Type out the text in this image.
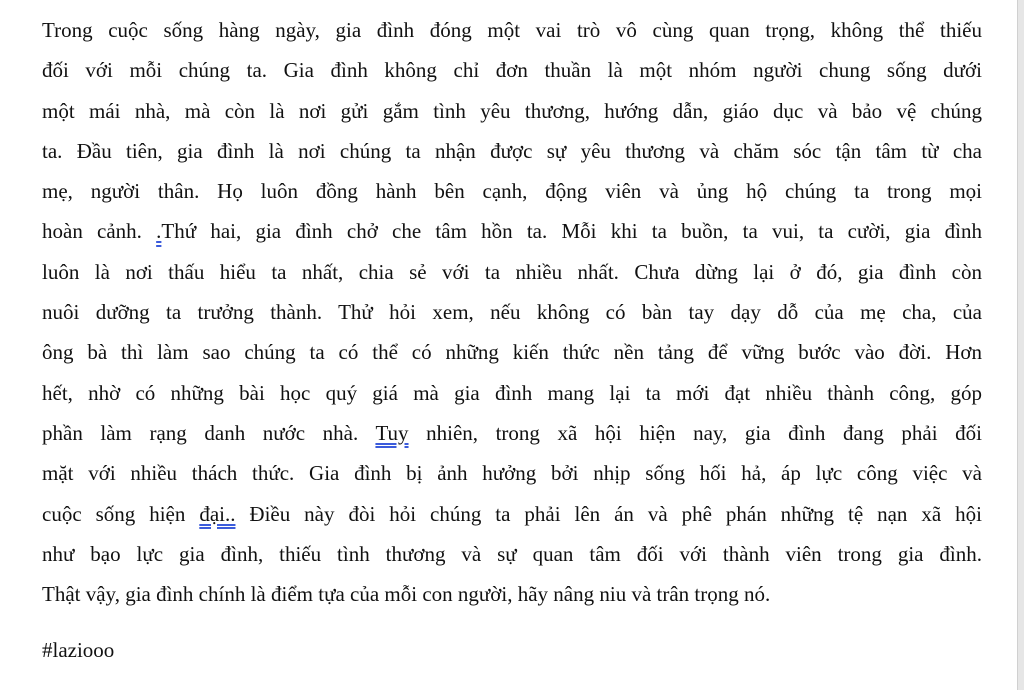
Trong cuộc sống hàng ngày, gia đình đóng một vai trò vô cùng quan trọng, không thể thiếu
đối với mỗi chúng ta. Gia đình không chỉ đơn thuần là một nhóm người chung sống dưới
một mái nhà, mà còn là nơi gửi gắm tình yêu thương, hướng dẫn, giáo dục và bảo vệ chúng
ta. Đầu tiên, gia đình là nơi chúng ta nhận được sự yêu thương và chăm sóc tận tâm từ cha
mẹ, người thân. Họ luôn đồng hành bên cạnh, động viên và ủng hộ chúng ta trong mọi
hoàn cảnh. .Thứ hai, gia đình chở che tâm hồn ta. Mỗi khi ta buồn, ta vui, ta cười, gia đình
luôn là nơi thấu hiểu ta nhất, chia sẻ với ta nhiều nhất. Chưa dừng lại ở đó, gia đình còn
nuôi dưỡng ta trưởng thành. Thử hỏi xem, nếu không có bàn tay dạy dỗ của mẹ cha, của
ông bà thì làm sao chúng ta có thể có những kiến thức nền tảng để vững bước vào đời. Hơn
hết, nhờ có những bài học quý giá mà gia đình mang lại ta mới đạt nhiều thành công, góp
phần làm rạng danh nước nhà. Tuy nhiên, trong xã hội hiện nay, gia đình đang phải đối
mặt với nhiều thách thức. Gia đình bị ảnh hưởng bởi nhịp sống hối hả, áp lực công việc và
cuộc sống hiện đại.. Điều này đòi hỏi chúng ta phải lên án và phê phán những tệ nạn xã hội
như bạo lực gia đình, thiếu tình thương và sự quan tâm đối với thành viên trong gia đình.
Thật vậy, gia đình chính là điểm tựa của mỗi con người, hãy nâng niu và trân trọng nó.

#laziooo
